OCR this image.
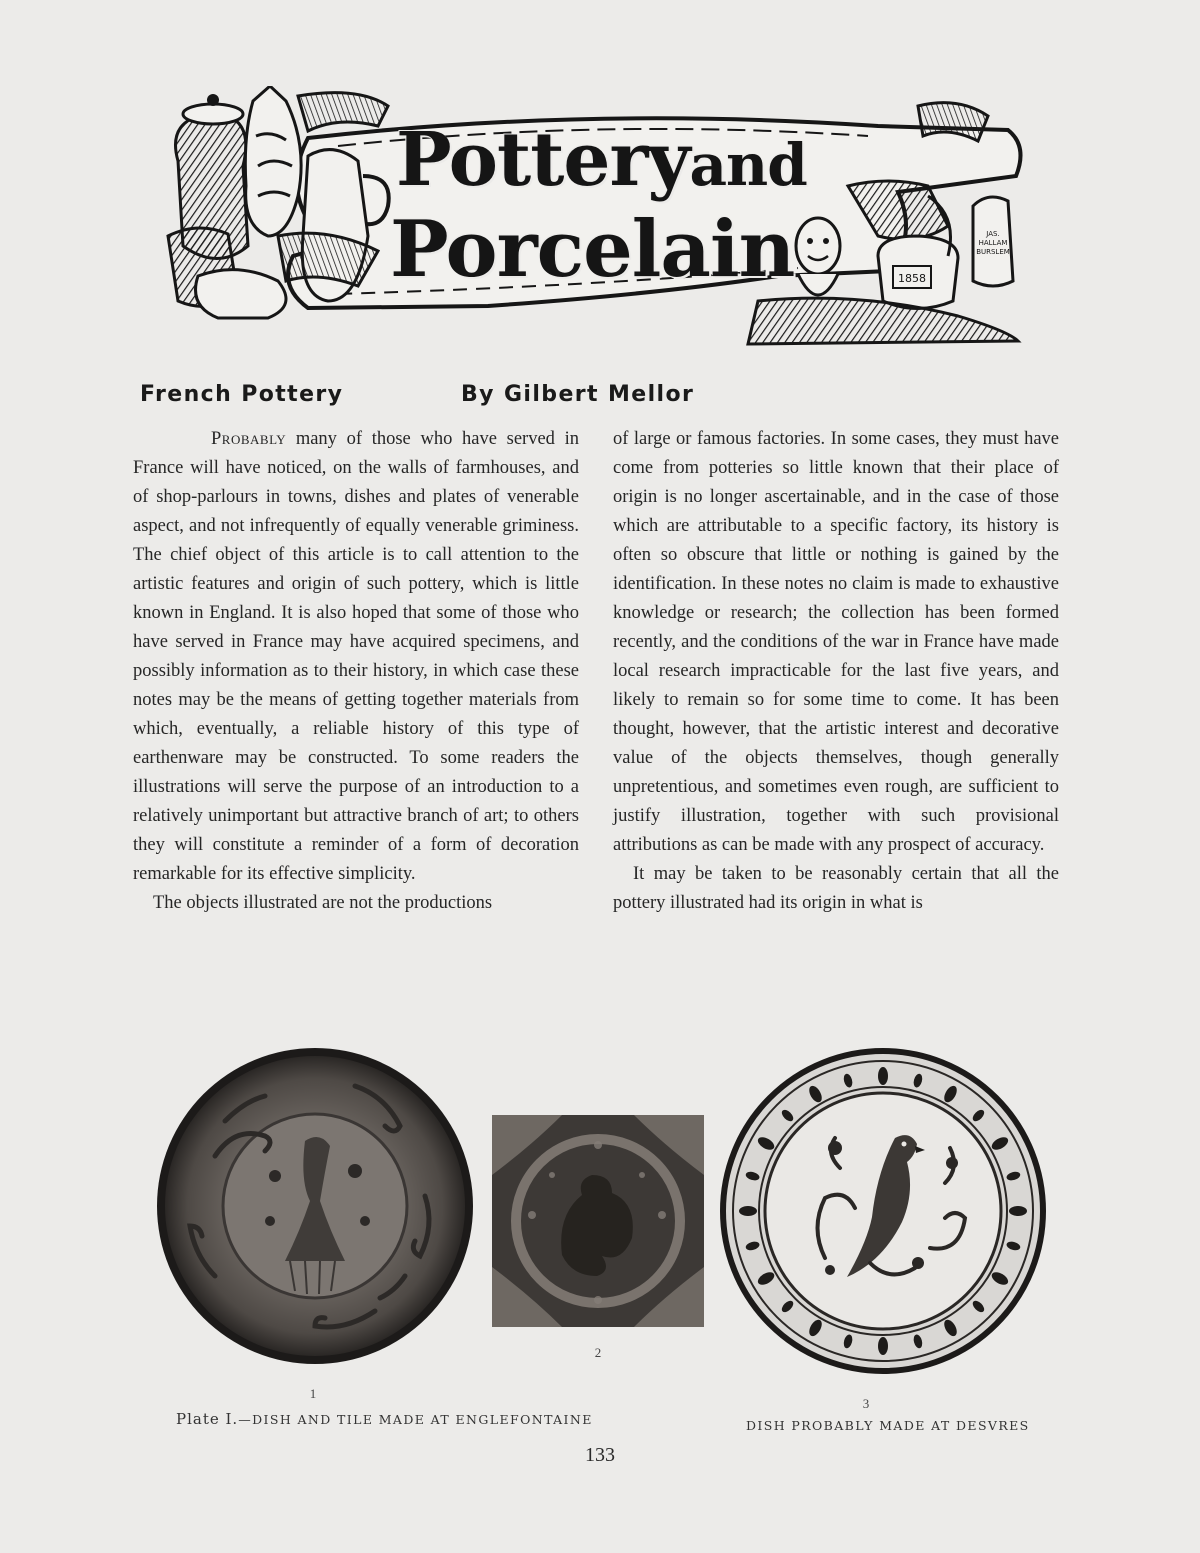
1858
JAS. HALLAM BURSLEM
Potteryand
Porcelain
French Pottery	By Gilbert Mellor

Probably many of those who have served in France will have noticed, on the walls of farmhouses, and of shop-parlours in towns, dishes and plates of venerable aspect, and not infrequently of equally venerable griminess. The chief object of this article is to call attention to the artistic features and origin of such pottery, which is little known in England. It is also hoped that some of those who have served in France may have acquired specimens, and possibly information as to their history, in which case these notes may be the means of getting together materials from which, eventually, a reliable history of this type of earthenware may be constructed. To some readers the illustrations will serve the purpose of an introduction to a relatively unimportant but attractive branch of art; to others they will constitute a reminder of a form of decoration remarkable for its effective simplicity.

The objects illustrated are not the productions

of large or famous factories. In some cases, they must have come from potteries so little known that their place of origin is no longer ascertainable, and in the case of those which are attributable to a specific factory, its history is often so obscure that little or nothing is gained by the identification. In these notes no claim is made to exhaustive knowledge or research; the collection has been formed recently, and the conditions of the war in France have made local research impracticable for the last five years, and likely to remain so for some time to come. It has been thought, however, that the artistic interest and decorative value of the objects themselves, though generally unpretentious, and sometimes even rough, are sufficient to justify illustration, together with such provisional attributions as can be made with any prospect of accuracy.

It may be taken to be reasonably certain that all the pottery illustrated had its origin in what is

1
2
3
Plate I.—DISH AND TILE MADE AT ENGLEFONTAINE	DISH PROBABLY MADE AT DESVRES
133
